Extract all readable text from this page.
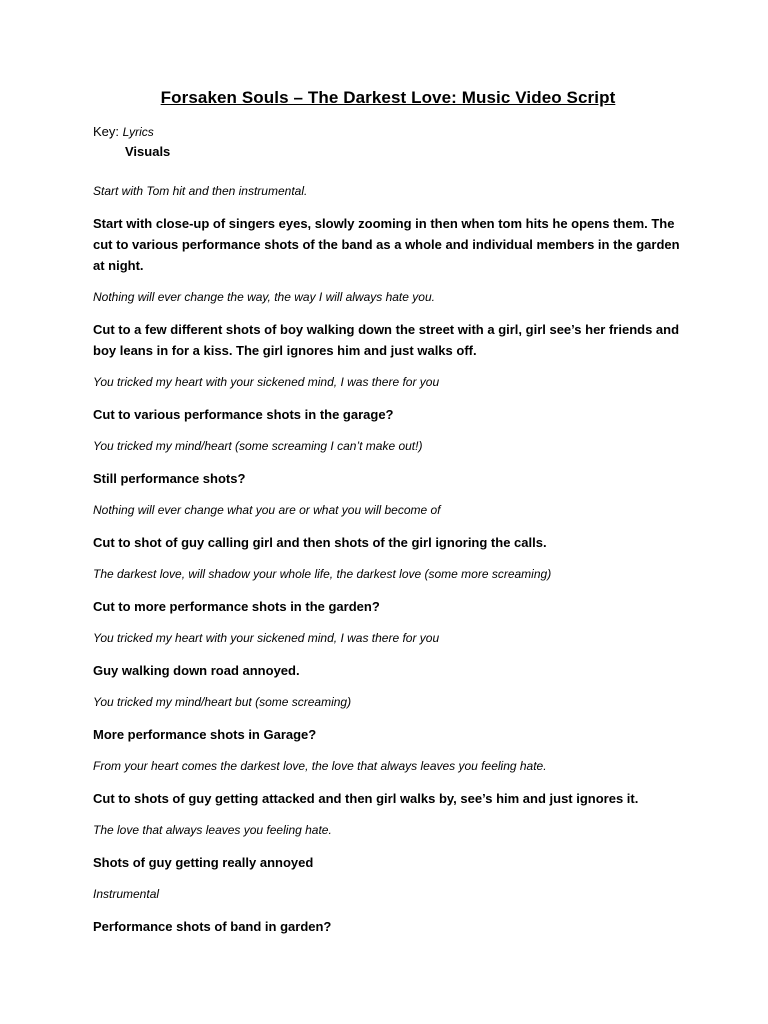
Forsaken Souls – The Darkest Love: Music Video Script

Key: Lyrics

Visuals

Start with Tom hit and then instrumental.

Start with close-up of singers eyes, slowly zooming in then when tom hits he opens them. The cut to various performance shots of the band as a whole and individual members in the garden at night.

Nothing will ever change the way, the way I will always hate you.

Cut to a few different shots of boy walking down the street with a girl, girl see’s her friends and boy leans in for a kiss. The girl ignores him and just walks off.

You tricked my heart with your sickened mind, I was there for you

Cut to various performance shots in the garage?

You tricked my mind/heart (some screaming I can’t make out!)

Still performance shots?

Nothing will ever change what you are or what you will become of

Cut to shot of guy calling girl and then shots of the girl ignoring the calls.

The darkest love, will shadow your whole life, the darkest love (some more screaming)

Cut to more performance shots in the garden?

You tricked my heart with your sickened mind, I was there for you

Guy walking down road annoyed.

You tricked my mind/heart but (some screaming)

More performance shots in Garage?

From your heart comes the darkest love, the love that always leaves you feeling hate.

Cut to shots of guy getting attacked and then girl walks by, see’s him and just ignores it.

The love that always leaves you feeling hate.

Shots of guy getting really annoyed

Instrumental

Performance shots of band in garden?
